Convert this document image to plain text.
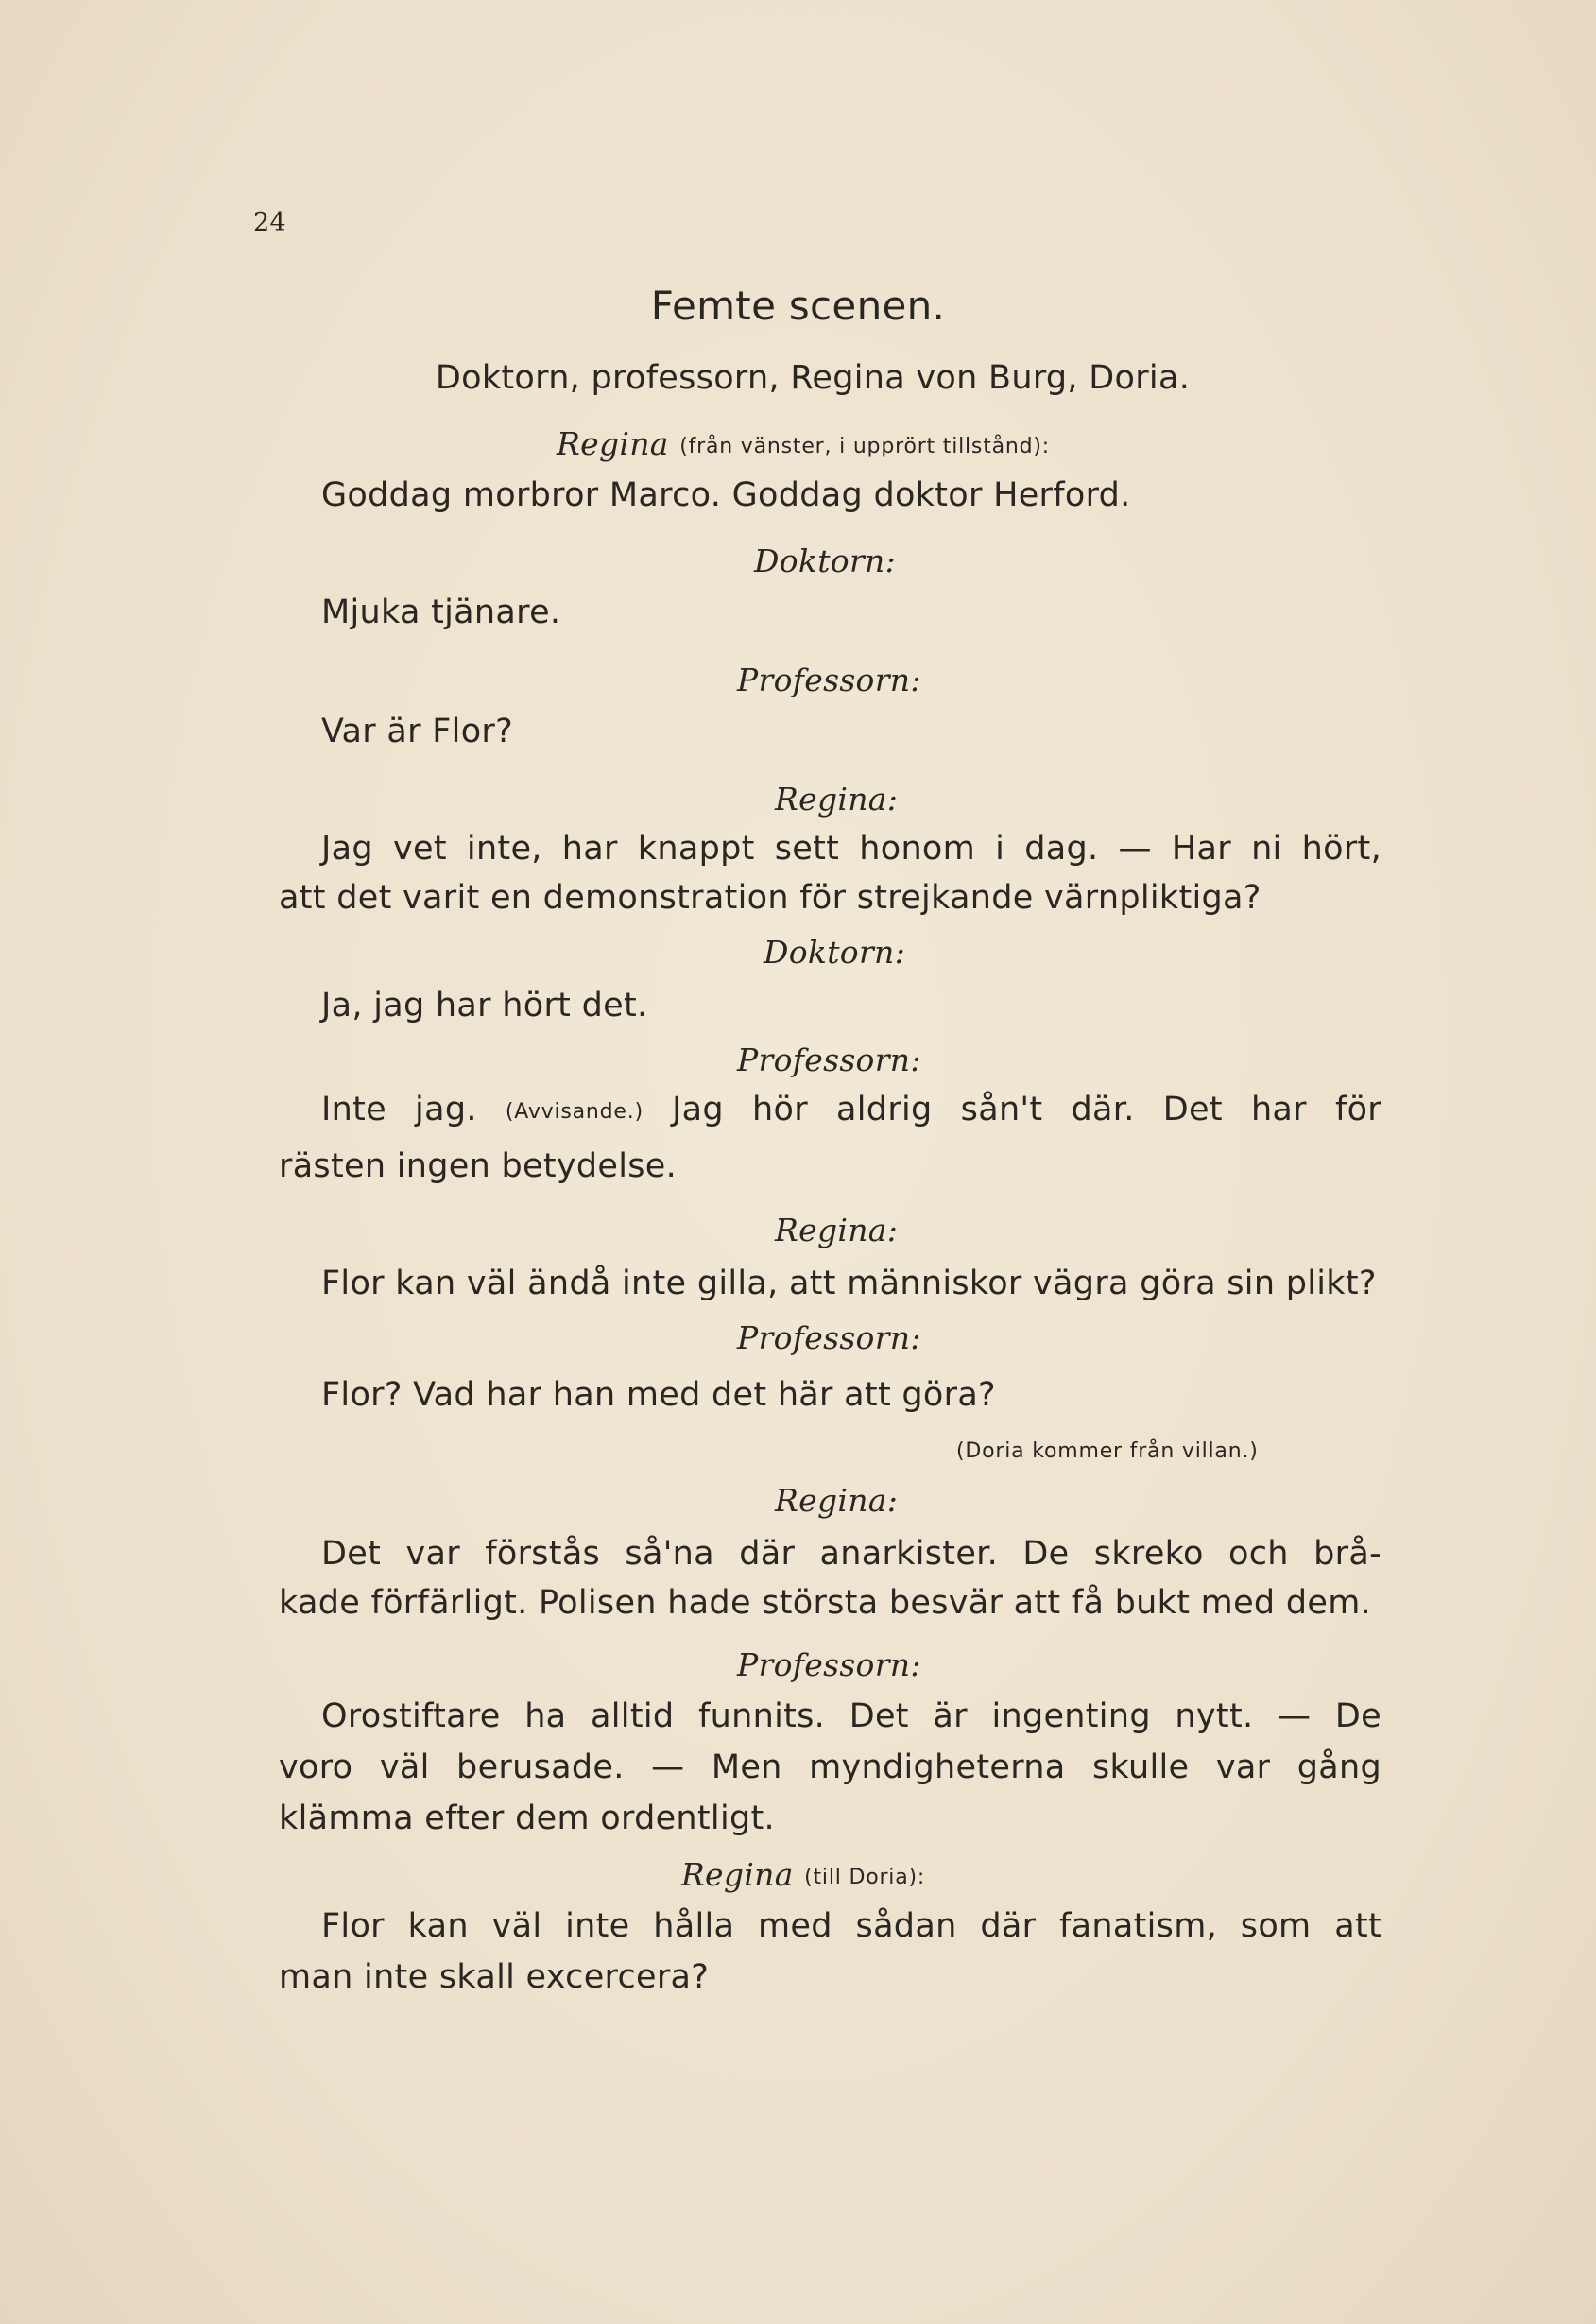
24
Femte scenen.
Doktorn, professorn, Regina von Burg, Doria.
Regina (från vänster, i upprört tillstånd):
Goddag morbror Marco. Goddag doktor Herford.
Doktorn:
Mjuka tjänare.
Professorn:
Var är Flor?
Regina:
Jag vet inte, har knappt sett honom i dag. — Har ni hört,
att det varit en demonstration för strejkande värnpliktiga?
Doktorn:
Ja, jag har hört det.
Professorn:
Inte jag. (Avvisande.) Jag hör aldrig sån't där. Det har för
rästen ingen betydelse.
Regina:
Flor kan väl ändå inte gilla, att människor vägra göra sin plikt?
Professorn:
Flor? Vad har han med det här att göra?
(Doria kommer från villan.)
Regina:
Det var förstås så'na där anarkister. De skreko och brå-
kade förfärligt. Polisen hade största besvär att få bukt med dem.
Professorn:
Orostiftare ha alltid funnits. Det är ingenting nytt. — De
voro väl berusade. — Men myndigheterna skulle var gång
klämma efter dem ordentligt.
Regina (till Doria):
Flor kan väl inte hålla med sådan där fanatism, som att
man inte skall excercera?
